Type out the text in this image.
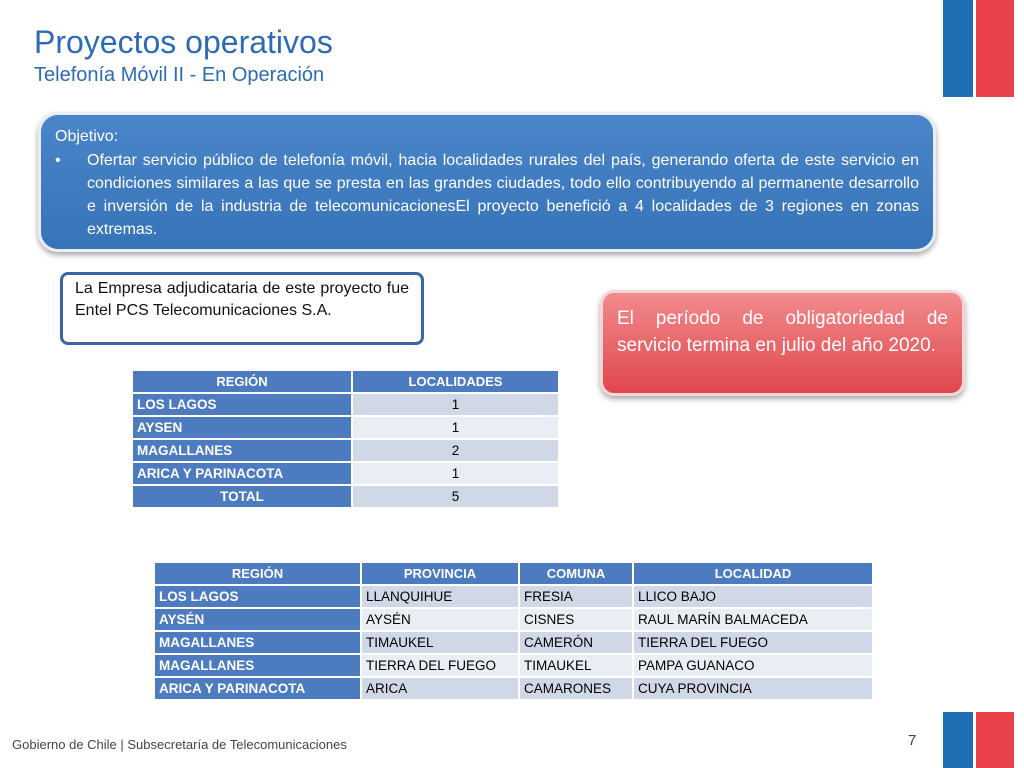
Proyectos operativos
Telefonía Móvil II - En Operación

Objetivo:

•	Ofertar servicio público de telefonía móvil, hacia localidades rurales del país, generando oferta de este servicio en condiciones similares a las que se presta en las grandes ciudades, todo ello contribuyendo al permanente desarrollo e inversión de la industria de telecomunicacionesEl proyecto benefició a 4 localidades de 3 regiones en zonas extremas.
La Empresa adjudicataria de este proyecto fue Entel PCS Telecomunicaciones S.A.	El período de obligatoriedad de servicio termina en julio del año 2020.
REGIÓN	LOCALIDADES
LOS LAGOS	1
AYSEN	1
MAGALLANES	2
ARICA Y PARINACOTA	1
TOTAL	5
REGIÓN	PROVINCIA	COMUNA	LOCALIDAD
LOS LAGOS	LLANQUIHUE	FRESIA	LLICO BAJO
AYSÉN	AYSÉN	CISNES	RAUL MARÍN BALMACEDA
MAGALLANES	TIMAUKEL	CAMERÓN	TIERRA DEL FUEGO
MAGALLANES	TIERRA DEL FUEGO	TIMAUKEL	PAMPA GUANACO
ARICA Y PARINACOTA	ARICA	CAMARONES	CUYA PROVINCIA
Gobierno de Chile | Subsecretaría de Telecomunicaciones	7
